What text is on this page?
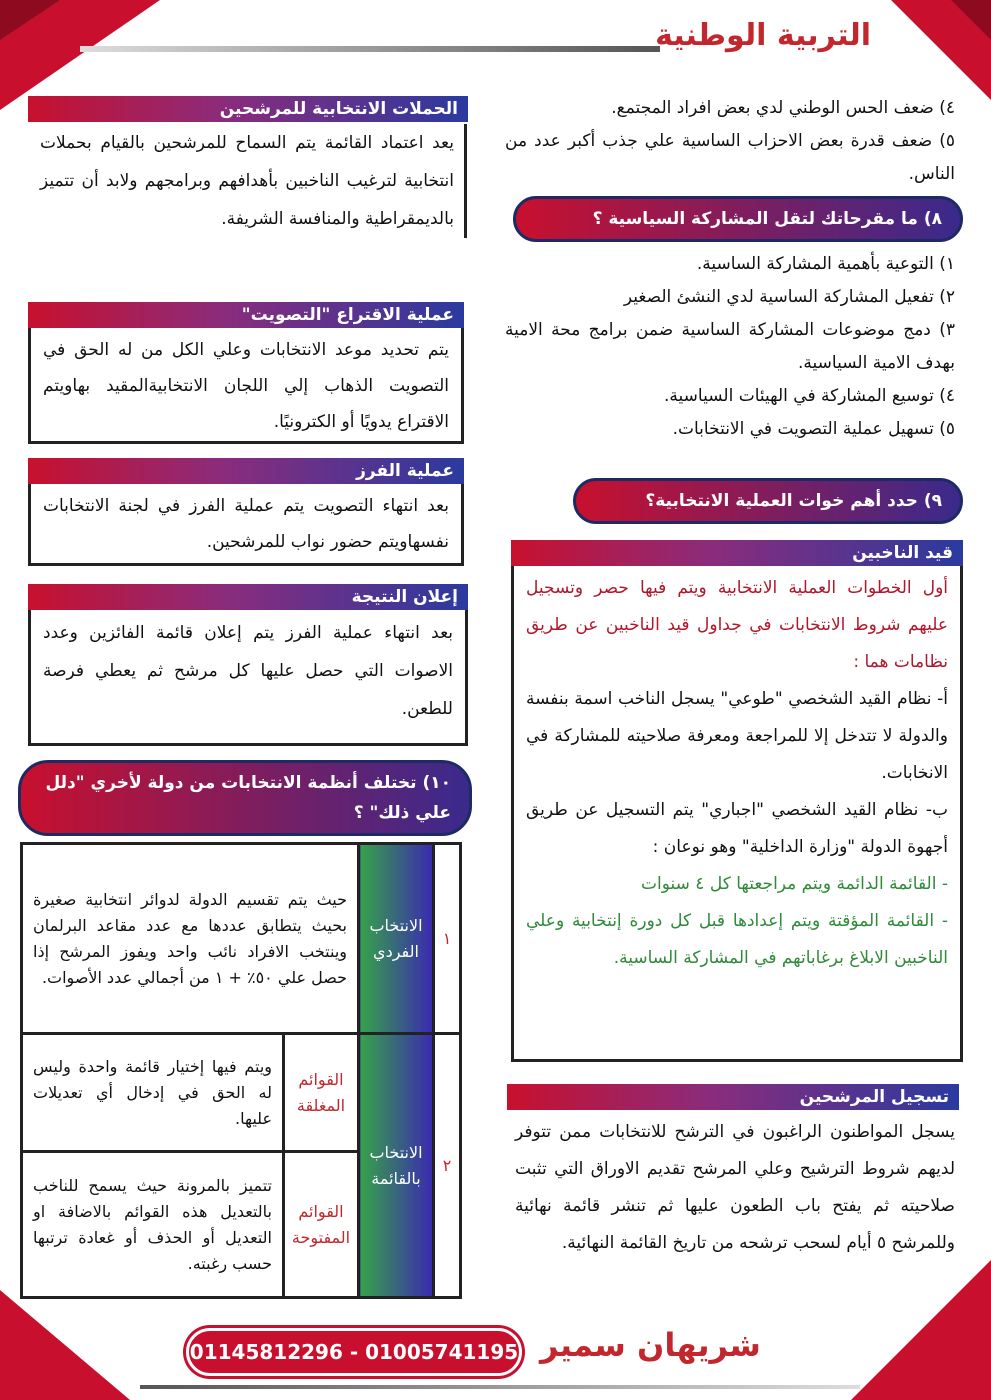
التربية الوطنية

٤) ضعف الحس الوطني لدي بعض افراد المجتمع.

٥) ضعف قدرة بعض الاحزاب الساسية علي جذب أكبر عدد من الناس.

٨) ما مقرحاتك لتقل المشاركة السياسية ؟

١) التوعية بأهمية المشاركة الساسية.

٢) تفعيل المشاركة الساسية لدي النشئ الصغير

٣) دمج موضوعات المشاركة الساسية ضمن برامج محة الامية بهدف الامية السياسية.

٤) توسيع المشاركة في الهيئات السياسية.

٥) تسهيل عملية التصويت في الانتخابات.

٩) حدد أهم خوات العملية الانتخابية؟
قيد الناخبين

أول الخطوات العملية الانتخابية ويتم فيها حصر وتسجيل عليهم شروط الانتخابات في جداول قيد الناخبين عن طريق نظامات هما :

أ- نظام القيد الشخصي "طوعي" يسجل الناخب اسمة بنفسة والدولة لا تتدخل إلا للمراجعة ومعرفة صلاحيته للمشاركة في الانخابات.

ب- نظام القيد الشخصي "اجباري" يتم التسجيل عن طريق أجهوة الدولة "وزارة الداخلية" وهو نوعان :

- القائمة الدائمة ويتم مراجعتها كل ٤ سنوات

- القائمة المؤقتة ويتم إعدادها قبل كل دورة إنتخابية وعلي الناخبين الابلاغ برغاباتهم في المشاركة الساسية.

تسجيل المرشحين
يسجل المواطنون الراغبون في الترشح للانتخابات ممن تتوفر لديهم شروط الترشيح وعلي المرشح تقديم الاوراق التي تثبت صلاحيته ثم يفتح باب الطعون عليها ثم تنشر قائمة نهائية وللمرشح ٥ أيام لسحب ترشحه من تاريخ القائمة النهائية.
الحملات الانتخابية للمرشحين
يعد اعتماد القائمة يتم السماح للمرشحين بالقيام بحملات انتخابية لترغيب الناخبين بأهدافهم وبرامجهم ولابد أن تتميز بالديمقراطية والمنافسة الشريفة.
عملية الاقتراع "التصويت"

يتم تحديد موعد الانتخابات وعلي الكل من له الحق في التصويت الذهاب إلي اللجان الانتخابيةالمقيد بهاويتم الاقتراع يدويًا أو الكترونيًا.

عملية الفرز

بعد انتهاء التصويت يتم عملية الفرز في لجنة الانتخابات نفسهاويتم حضور نواب للمرشحين.

إعلان النتيجة

بعد انتهاء عملية الفرز يتم إعلان قائمة الفائزين وعدد الاصوات التي حصل عليها كل مرشح ثم يعطي فرصة للطعن.

١٠) تختلف أنظمة الانتخابات من دولة لأخري "دلل علي ذلك" ؟
١	الانتخاب الفردي	حيث يتم تقسيم الدولة لدوائر انتخابية صغيرة بحيث يتطابق عددها مع عدد مقاعد البرلمان وينتخب الافراد نائب واحد ويفوز المرشح إذا حصل علي ٥٠٪ + ١ من أجمالي عدد الأصوات.	
٢	الانتخاب بالقائمة	القوائم المغلقة	ويتم فيها إختيار قائمة واحدة وليس له الحق في إدخال أي تعديلات عليها.
		القوائم المفتوحة	تتميز بالمرونة حيث يسمح للناخب بالتعديل هذه القوائم بالاضافة او التعديل أو الحذف أو غعادة ترتبها حسب رغبته.
شريهان سمير
01145812296 - 01005741195
